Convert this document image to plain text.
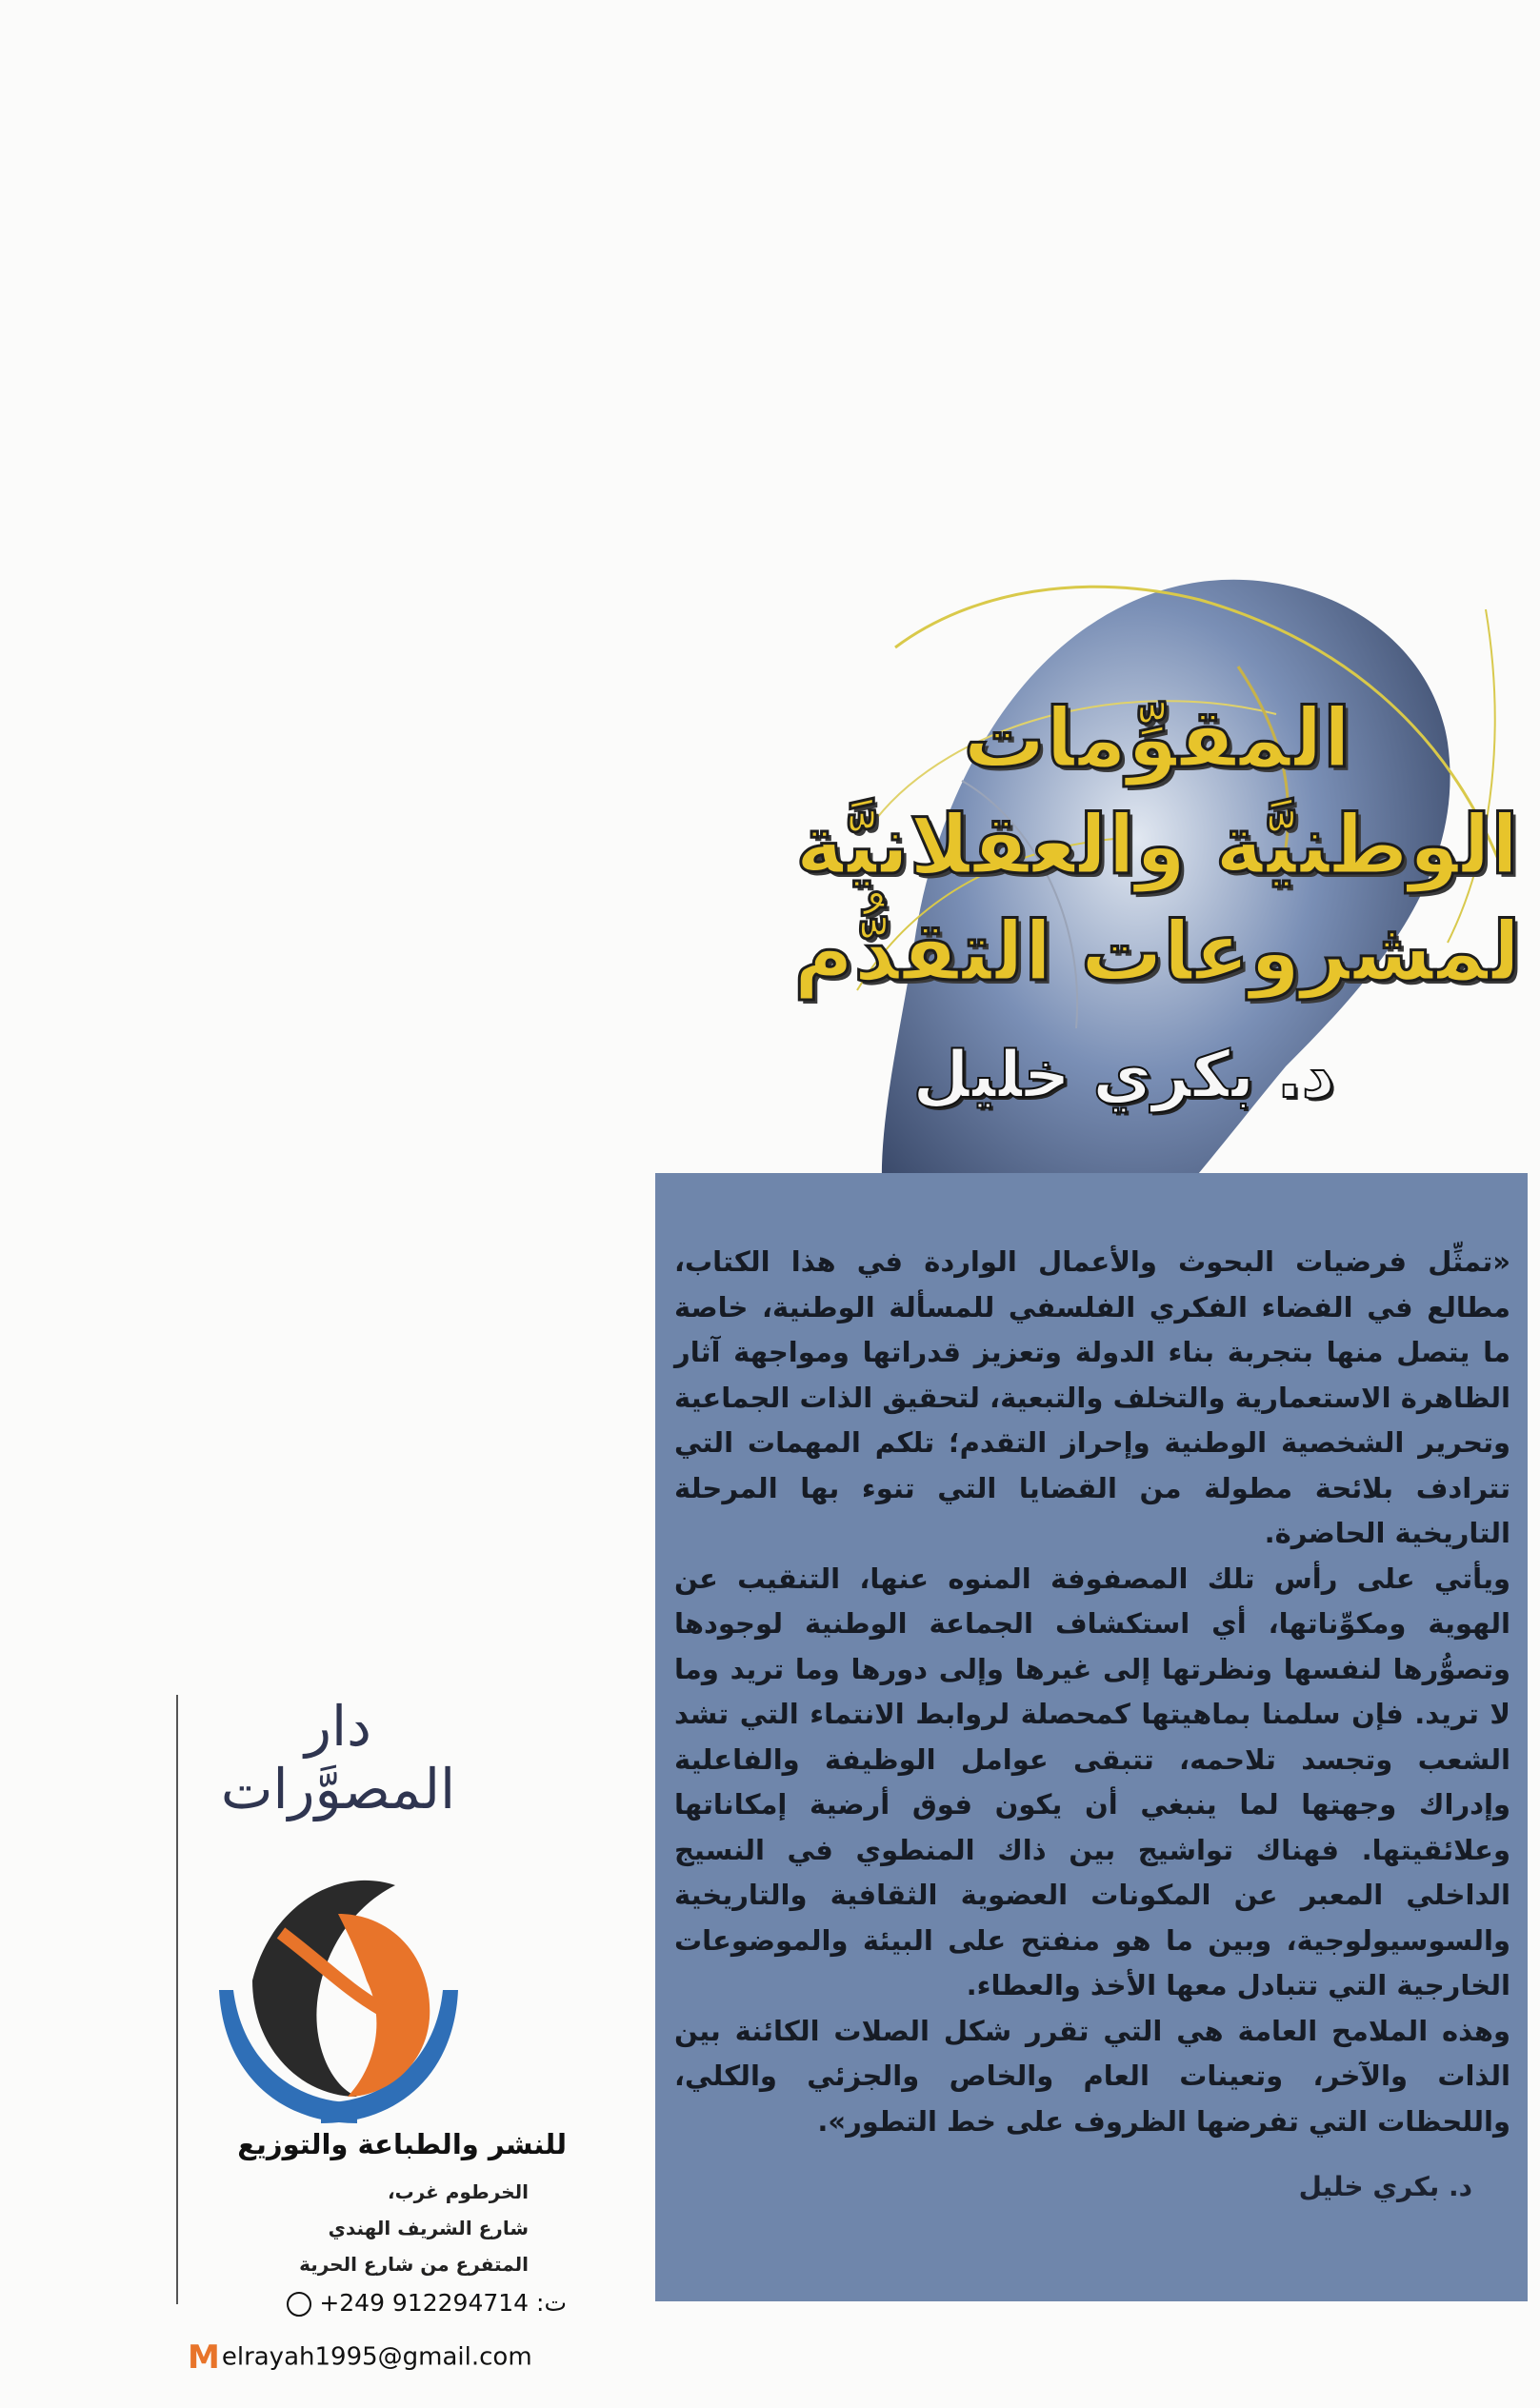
المقوِّمات
الوطنيَّة والعقلانيَّة
لمشروعات التقدُّم
د. بكري خليل

«تمثِّل فرضيات البحوث والأعمال الواردة في هذا الكتاب، مطالع في الفضاء الفكري الفلسفي للمسألة الوطنية، خاصة ما يتصل منها بتجربة بناء الدولة وتعزيز قدراتها ومواجهة آثار الظاهرة الاستعمارية والتخلف والتبعية، لتحقيق الذات الجماعية وتحرير الشخصية الوطنية وإحراز التقدم؛ تلكم المهمات التي تترادف بلائحة مطولة من القضايا التي تنوء بها المرحلة التاريخية الحاضرة.

ويأتي على رأس تلك المصفوفة المنوه عنها، التنقيب عن الهوية ومكوِّناتها، أي استكشاف الجماعة الوطنية لوجودها وتصوُّرها لنفسها ونظرتها إلى غيرها وإلى دورها وما تريد وما لا تريد. فإن سلمنا بماهيتها كمحصلة لروابط الانتماء التي تشد الشعب وتجسد تلاحمه، تتبقى عوامل الوظيفة والفاعلية وإدراك وجهتها لما ينبغي أن يكون فوق أرضية إمكاناتها وعلائقيتها. فهناك تواشيج بين ذاك المنطوي في النسيج الداخلي المعبر عن المكونات العضوية الثقافية والتاريخية والسوسيولوجية، وبين ما هو منفتح على البيئة والموضوعات الخارجية التي تتبادل معها الأخذ والعطاء.

وهذه الملامح العامة هي التي تقرر شكل الصلات الكائنة بين الذات والآخر، وتعينات العام والخاص والجزئي والكلي، واللحظات التي تفرضها الظروف على خط التطور».

د. بكري خليل

دار
المصوَّرات
للنشر والطباعة والتوزيع
الخرطوم غرب،
شارع الشريف الهندي
المتفرع من شارع الحرية
ت: +249 912294714
Melrayah1995@gmail.com
